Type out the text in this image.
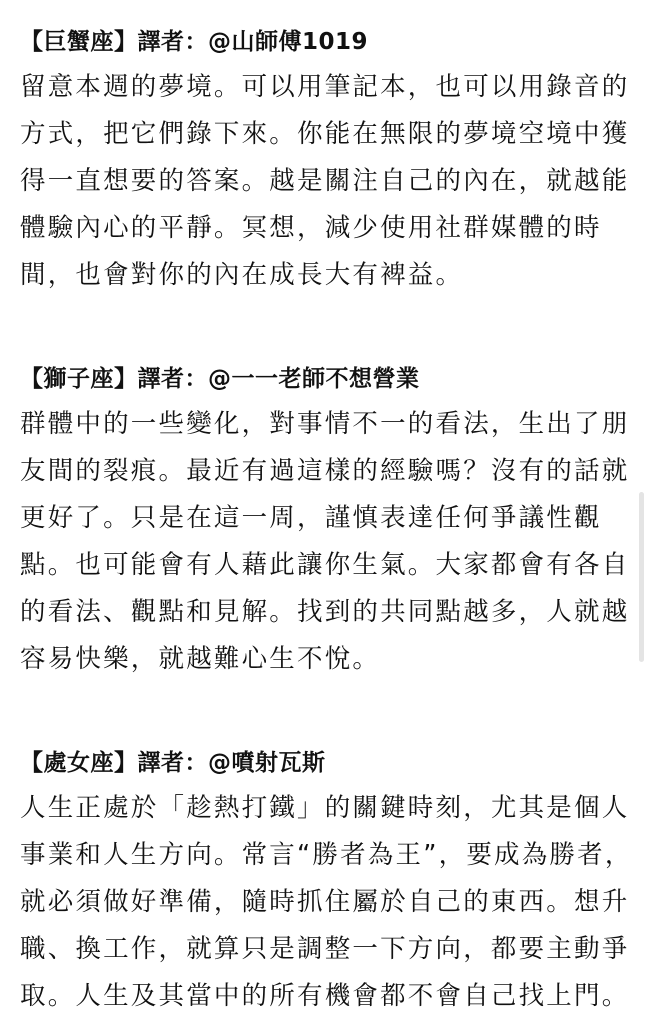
【巨蟹座】譯者：@山師傅1019

留意本週的夢境。可以用筆記本，也可以用錄音的
方式，把它們錄下來。你能在無限的夢境空境中獲
得一直想要的答案。越是關注自己的內在，就越能
體驗內心的平靜。冥想，減少使用社群媒體的時
間，也會對你的內在成長大有裨益。

【獅子座】譯者：@一一老師不想營業

群體中的一些變化，對事情不一的看法，生出了朋
友間的裂痕。最近有過這樣的經驗嗎？沒有的話就
更好了。只是在這一周，謹慎表達任何爭議性觀
點。也可能會有人藉此讓你生氣。大家都會有各自
的看法、觀點和見解。找到的共同點越多，人就越
容易快樂，就越難心生不悅。

【處女座】譯者：@噴射瓦斯

人生正處於「趁熱打鐵」的關鍵時刻，尤其是個人
事業和人生方向。常言“勝者為王”，要成為勝者，
就必須做好準備，隨時抓住屬於自己的東西。想升
職、換工作，就算只是調整一下方向，都要主動爭
取。人生及其當中的所有機會都不會自己找上門。
